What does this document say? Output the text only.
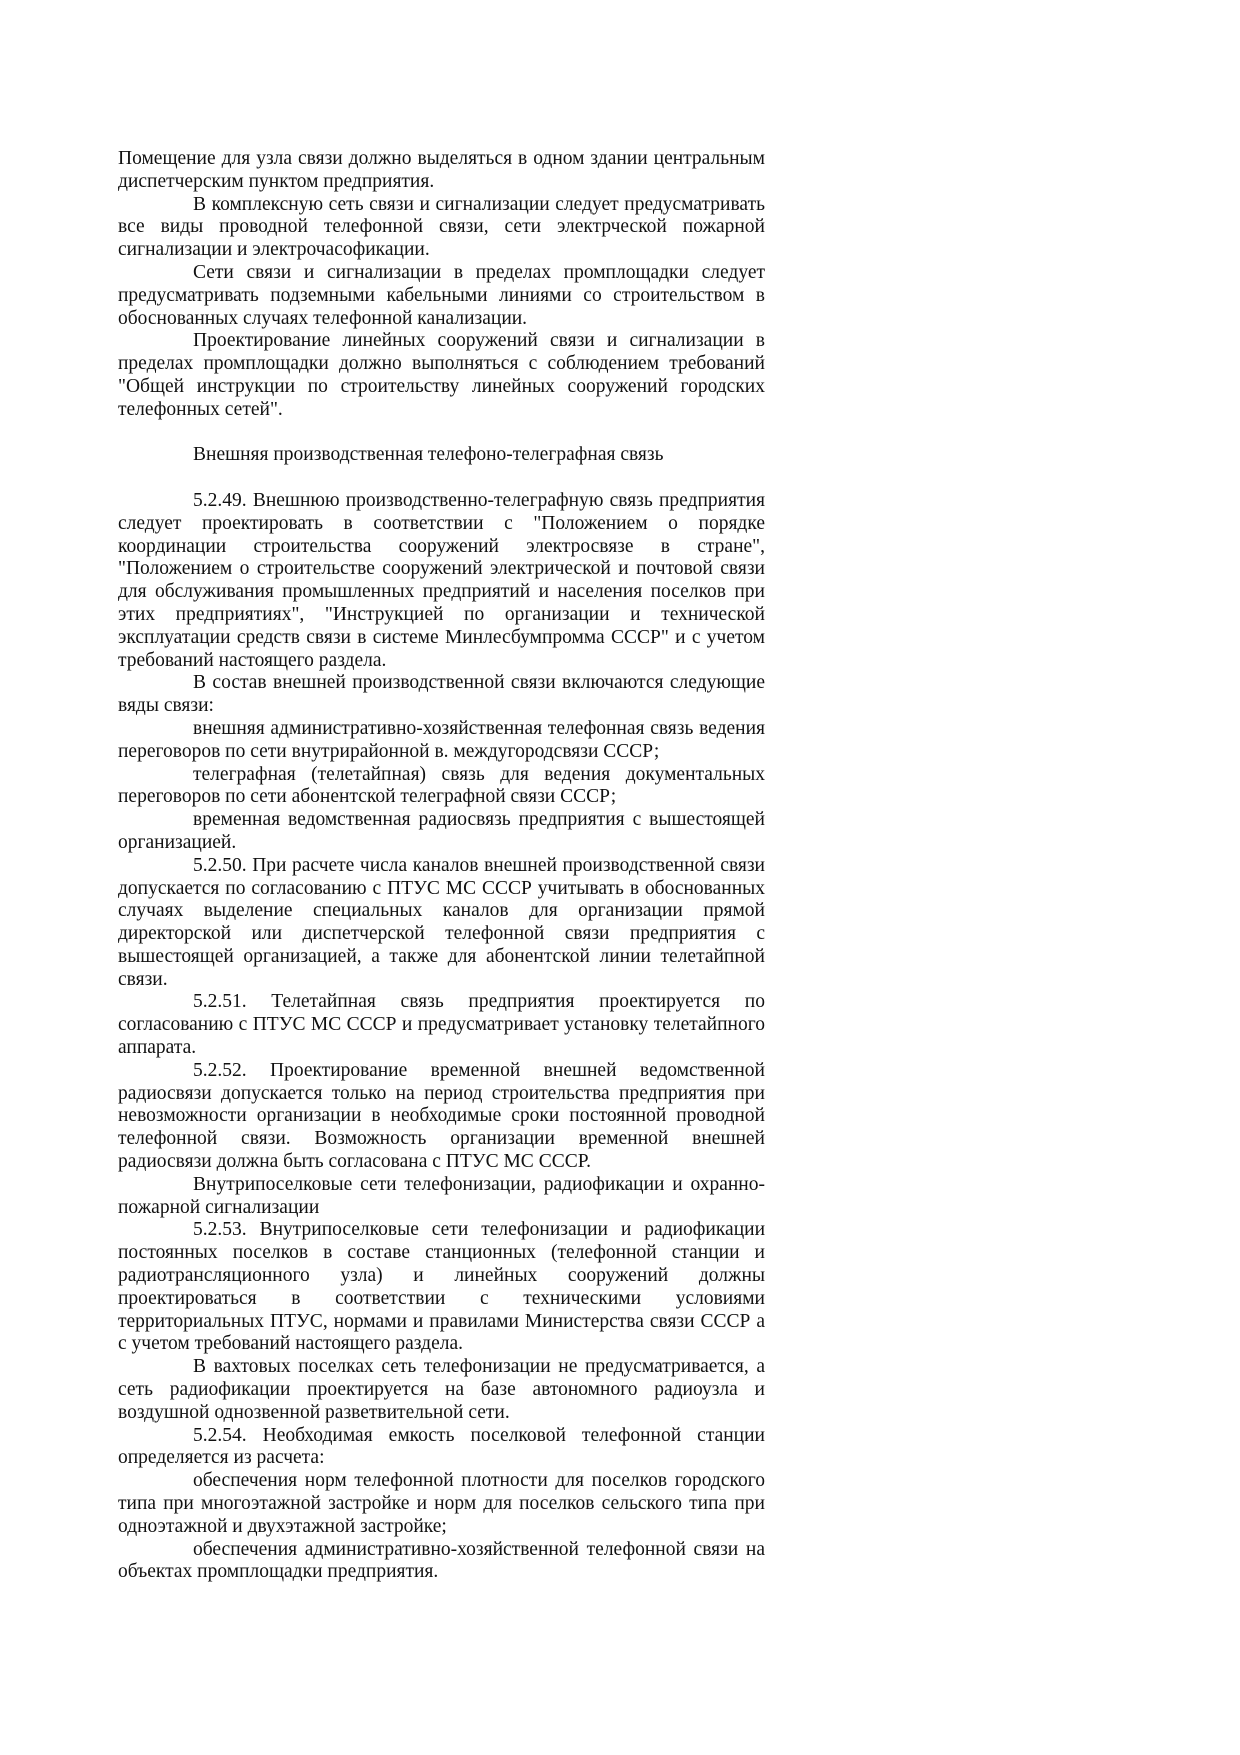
Помещение для узла связи должно выделяться в одном здании центральным диспетчерским пунктом предприятия.

В комплексную сеть связи и сигнализации следует предусматривать все виды проводной телефонной связи, сети электрческой пожарной сигнализации и электрочасофикации.

Сети связи и сигнализации в пределах промплощадки следует предусматривать подземными кабельными линиями со строительством в обоснованных случаях телефонной канализации.

Проектирование линейных сооружений связи и сигнализации в пределах промплощадки должно выполняться с соблюдением требований "Общей инструкции по строительству линейных сооружений городских телефонных сетей".

Внешняя производственная телефоно-телеграфная связь

5.2.49. Внешнюю производственно-телеграфную связь предприятия следует проектировать в соответствии с "Положением о порядке координации строительства сооружений электросвязе в стране", "Положением о строительстве сооружений электрической и почтовой связи для обслуживания промышленных предприятий и населения поселков при этих предприятиях", "Инструкцией по организации и технической эксплуатации средств связи в системе Минлесбумпромма СССР" и с учетом требований настоящего раздела.

В состав внешней производственной связи включаются следующие вяды связи:

внешняя административно-хозяйственная телефонная связь ведения переговоров по сети внутрирайонной в. междугородсвязи СССР;

телеграфная (телетайпная) связь для ведения документальных переговоров по сети абонентской телеграфной связи СССР;

временная ведомственная радиосвязь предприятия с вышестоящей организацией.

5.2.50. При расчете числа каналов внешней производственной связи допускается по согласованию с ПТУС МС СССР учитывать в обоснованных случаях выделение специальных каналов для организации прямой директорской или диспетчерской телефонной связи предприятия с вышестоящей организацией, а также для абонентской линии телетайпной связи.

5.2.51. Телетайпная связь предприятия проектируется по согласованию с ПТУС МС СССР и предусматривает установку телетайпного аппарата.

5.2.52. Проектирование временной внешней ведомственной радиосвязи допускается только на период строительства предприятия при невозможности организации в необходимые сроки постоянной проводной телефонной связи. Возможность организации временной внешней радиосвязи должна быть согласована с ПТУС МС СССР.

Внутрипоселковые сети телефонизации, радиофикации и охранно-пожарной сигнализации

5.2.53. Внутрипоселковые сети телефонизации и радиофикации постоянных поселков в составе станционных (телефонной станции и радиотрансляционного узла) и линейных сооружений должны проектироваться в соответствии с техническими условиями территориальных ПТУС, нормами и правилами Министерства связи СССР а с учетом требований настоящего раздела.

В вахтовых поселках сеть телефонизации не предусматривается, а сеть радиофикации проектируется на базе автономного радиоузла и воздушной однозвенной разветвительной сети.

5.2.54. Необходимая емкость поселковой телефонной станции определяется из расчета:

обеспечения норм телефонной плотности для поселков городского типа при многоэтажной застройке и норм для поселков сельского типа при одноэтажной и двухэтажной застройке;

обеспечения административно-хозяйственной телефонной связи на объектах промплощадки предприятия.
